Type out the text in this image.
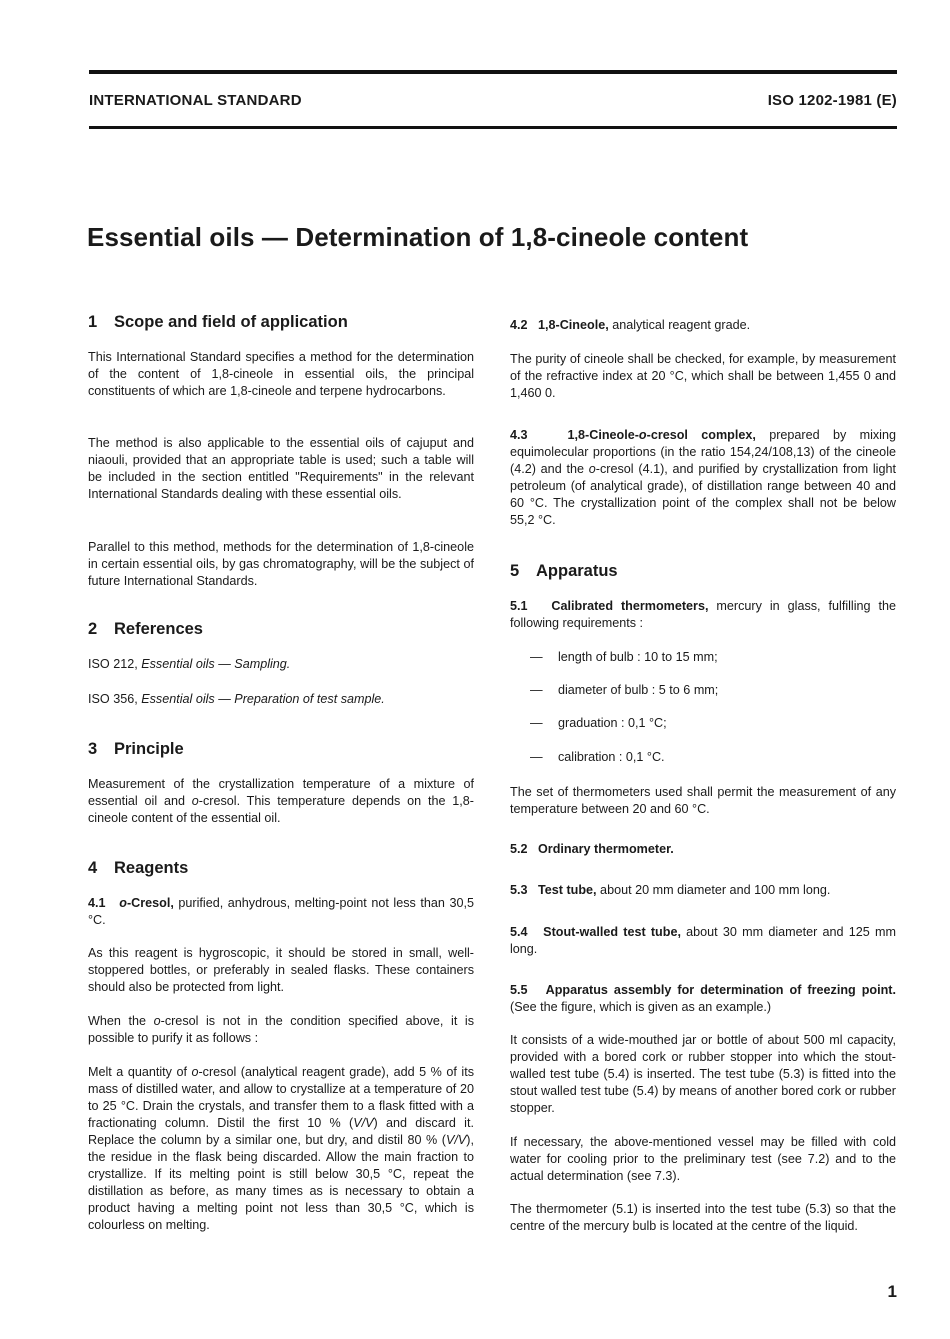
INTERNATIONAL STANDARD	ISO 1202-1981 (E)
Essential oils — Determination of 1,8-cineole content
1 Scope and field of application

This International Standard specifies a method for the determination of the content of 1,8-cineole in essential oils, the principal constituents of which are 1,8-cineole and terpene hydrocarbons.

The method is also applicable to the essential oils of cajuput and niaouli, provided that an appropriate table is used; such a table will be included in the section entitled "Requirements" in the relevant International Standards dealing with these essential oils.

Parallel to this method, methods for the determination of 1,8-cineole in certain essential oils, by gas chromatography, will be the subject of future International Standards.

2 References

ISO 212, Essential oils — Sampling.

ISO 356, Essential oils — Preparation of test sample.

3 Principle

Measurement of the crystallization temperature of a mixture of essential oil and o-cresol. This temperature depends on the 1,8-cineole content of the essential oil.

4 Reagents

4.1 o-Cresol, purified, anhydrous, melting-point not less than 30,5 °C.

As this reagent is hygroscopic, it should be stored in small, well-stoppered bottles, or preferably in sealed flasks. These containers should also be protected from light.

When the o-cresol is not in the condition specified above, it is possible to purify it as follows :

Melt a quantity of o-cresol (analytical reagent grade), add 5 % of its mass of distilled water, and allow to crystallize at a temperature of 20 to 25 °C. Drain the crystals, and transfer them to a flask fitted with a fractionating column. Distil the first 10 % (V/V) and discard it. Replace the column by a similar one, but dry, and distil 80 % (V/V), the residue in the flask being discarded. Allow the main fraction to crystallize. If its melting point is still below 30,5 °C, repeat the distillation as before, as many times as is necessary to obtain a product having a melting point not less than 30,5 °C, which is colourless on melting.

4.2 1,8-Cineole, analytical reagent grade.

The purity of cineole shall be checked, for example, by measurement of the refractive index at 20 °C, which shall be between 1,455 0 and 1,460 0.

4.3	1,8-Cineole-o-cresol complex, prepared by mixing equimolecular proportions (in the ratio 154,24/108,13) of the cineole (4.2) and the o-cresol (4.1), and purified by crystallization from light petroleum (of analytical grade), of distillation range between 40 and 60 °C. The crystallization point of the complex shall not be below 55,2 °C.

5 Apparatus

5.1 Calibrated thermometers, mercury in glass, fulfilling the following requirements :

— length of bulb : 10 to 15 mm;
— diameter of bulb : 5 to 6 mm;
— graduation : 0,1 °C;
— calibration : 0,1 °C.

The set of thermometers used shall permit the measurement of any temperature between 20 and 60 °C.

5.2 Ordinary thermometer.

5.3 Test tube, about 20 mm diameter and 100 mm long.

5.4 Stout-walled test tube, about 30 mm diameter and 125 mm long.

5.5 Apparatus assembly for determination of freezing point. (See the figure, which is given as an example.)

It consists of a wide-mouthed jar or bottle of about 500 ml capacity, provided with a bored cork or rubber stopper into which the stout-walled test tube (5.4) is inserted. The test tube (5.3) is fitted into the stout walled test tube (5.4) by means of another bored cork or rubber stopper.

If necessary, the above-mentioned vessel may be filled with cold water for cooling prior to the preliminary test (see 7.2) and to the actual determination (see 7.3).

The thermometer (5.1) is inserted into the test tube (5.3) so that the centre of the mercury bulb is located at the centre of the liquid.

1
